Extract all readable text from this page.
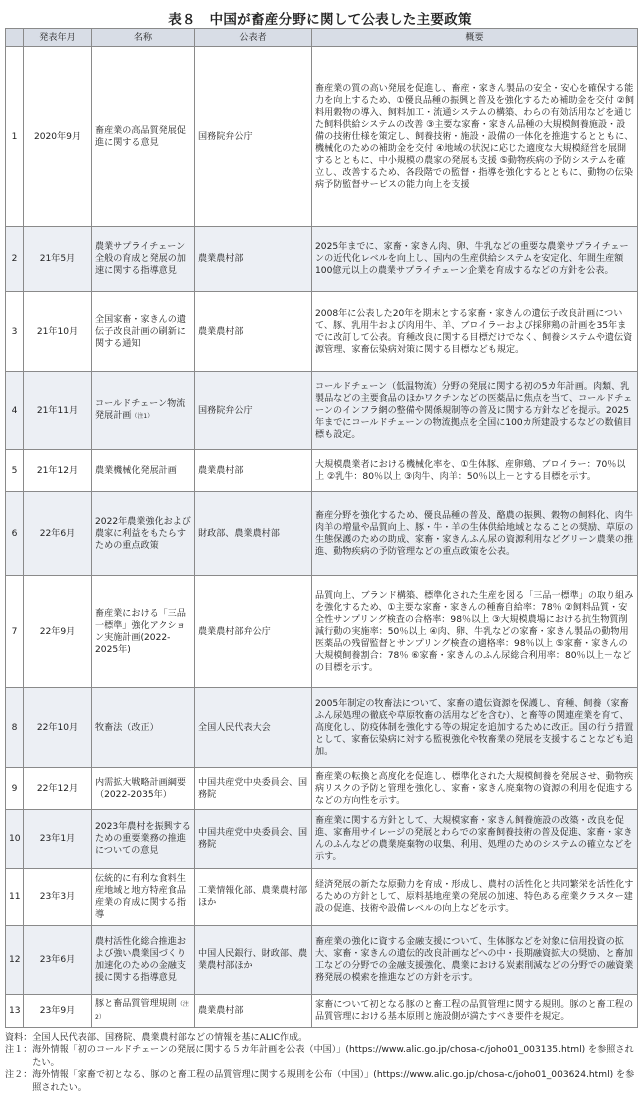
表８　中国が畜産分野に関して公表した主要政策
	発表年月	名称	公表者	概要
1	2020年9月	畜産業の高品質発展促進に関する意見	国務院弁公庁	畜産業の質の高い発展を促進し、畜産・家きん製品の安全・安心を確保する能力を向上するため、①優良品種の振興と普及を強化するため補助金を交付 ②飼料用穀物の導入、飼料加工・流通システムの構築、わらの有効活用などを通じた飼料供給システムの改善 ③主要な家畜・家きん品種の大規模飼養施設・設備の技術仕様を策定し、飼養技術・施設・設備の一体化を推進するとともに、機械化のための補助金を交付 ④地域の状況に応じた適度な大規模経営を展開するとともに、中小規模の農家の発展も支援 ⑤動物疾病の予防システムを確立し、改善するため、各段階での監督・指導を強化するとともに、動物の伝染病予防監督サービスの能力向上を支援
2	21年5月	農業サプライチェーン全般の育成と発展の加速に関する指導意見	農業農村部	2025年までに、家畜・家きん肉、卵、牛乳などの重要な農業サプライチェーンの近代化レベルを向上し、国内の生産供給システムを安定化、年間生産額100億元以上の農業サプライチェーン企業を育成するなどの方針を公表。
3	21年10月	全国家畜・家きんの遺伝子改良計画の刷新に関する通知	農業農村部	2008年に公表した20年を期末とする家畜・家きんの遺伝子改良計画について、豚、乳用牛および肉用牛、羊、ブロイラーおよび採卵鶏の計画を35年までに改訂して公表。育種改良に関する目標だけでなく、飼養システムや遺伝資源管理、家畜伝染病対策に関する目標なども規定。
4	21年11月	コールドチェーン物流発展計画（注1）	国務院弁公庁	コールドチェーン（低温物流）分野の発展に関する初の5カ年計画。肉類、乳製品などの主要食品のほかワクチンなどの医薬品に焦点を当て、コールドチェーンのインフラ網の整備や関係規制等の普及に関する方針などを提示。2025年までにコールドチェーンの物流拠点を全国に100カ所建設するなどの数値目標も設定。
5	21年12月	農業機械化発展計画	農業農村部	大規模農業者における機械化率を、①生体豚、産卵鶏、ブロイラー：70％以上 ②乳牛：80％以上 ③肉牛、肉羊：50％以上－とする目標を示す。
6	22年6月	2022年農業強化および農家に利益をもたらすための重点政策	財政部、農業農村部	畜産分野を強化するため、優良品種の普及、酪農の振興、穀物の飼料化、肉牛肉羊の増量や品質向上、豚・牛・羊の生体供給地域となることの奨励、草原の生態保護のための助成、家畜・家きんふん尿の資源利用などグリーン農業の推進、動物疾病の予防管理などの重点政策を公表。
7	22年9月	畜産業における「三品一標準」強化アクション実施計画(2022-2025年)	農業農村部弁公庁	品質向上、ブランド構築、標準化された生産を図る「三品一標準」の取り組みを強化するため、①主要な家畜・家きんの種畜自給率：78％ ②飼料品質・安全性サンプリング検査の合格率：98％以上 ③大規模農場における抗生物質削減行動の実施率：50％以上 ④肉、卵、牛乳などの家畜・家きん製品の動物用医薬品の残留監督とサンプリング検査の適格率：98％以上 ⑤家畜・家きんの大規模飼養割合：78％ ⑥家畜・家きんのふん尿総合利用率：80％以上－などの目標を示す。
8	22年10月	牧畜法（改正）	全国人民代表大会	2005年制定の牧畜法について、家畜の遺伝資源を保護し、育種、飼養（家畜ふん尿処理の徹底や草原牧畜の活用などを含む）、と畜等の関連産業を育て、高度化し、防疫体制を強化する等の規定を追加するために改正。国の行う措置として、家畜伝染病に対する監視強化や牧畜業の発展を支援することなども追加。
9	22年12月	内需拡大戦略計画綱要（2022-2035年）	中国共産党中央委員会、国務院	畜産業の転換と高度化を促進し、標準化された大規模飼養を発展させ、動物疾病リスクの予防と管理を強化し、家畜・家きん廃棄物の資源の利用を促進するなどの方向性を示す。
10	23年1月	2023年農村を振興するための重要業務の推進についての意見	中国共産党中央委員会、国務院	畜産業に関する方針として、大規模家畜・家きん飼養施設の改築・改良を促進、家畜用サイレージの発展とわらでの家畜飼養技術の普及促進、家畜・家きんのふんなどの農業廃棄物の収集、利用、処理のためのシステムの確立などを示す。
11	23年3月	伝統的に有利な食料生産地域と地方特産食品産業の育成に関する指導	工業情報化部、農業農村部ほか	経済発展の新たな原動力を育成・形成し、農村の活性化と共同繁栄を活性化するための方針として、原料基地産業の発展の加速、特色ある産業クラスター建設の促進、技術や設備レベルの向上などを示す。
12	23年6月	農村活性化総合推進および強い農業国づくり加速化のための金融支援に関する指導意見	中国人民銀行、財政部、農業農村部ほか	畜産業の強化に資する金融支援について、生体豚などを対象に信用投資の拡大、家畜・家きんの遺伝的改良計画などへの中・長期融資拡大の奨励、と畜加工などの分野での金融支援強化、農業における炭素削減などの分野での融資業務発展の模索を推進などの方針を示す。
13	23年9月	豚と畜品質管理規則（注2）	農業農村部	家畜について初となる豚のと畜工程の品質管理に関する規則。豚のと畜工程の品質管理における基本原則と施設側が満たすべき要件を規定。
資料： 全国人民代表部、国務院、農業農村部などの情報を基にALIC作成。
注１： 海外情報「初のコールドチェーンの発展に関する５カ年計画を公表（中国）」(https://www.alic.go.jp/chosa-c/joho01_003135.html) を参照されたい。
注２： 海外情報「家畜で初となる、豚のと畜工程の品質管理に関する規則を公布（中国）」(https://www.alic.go.jp/chosa-c/joho01_003624.html) を参照されたい。
